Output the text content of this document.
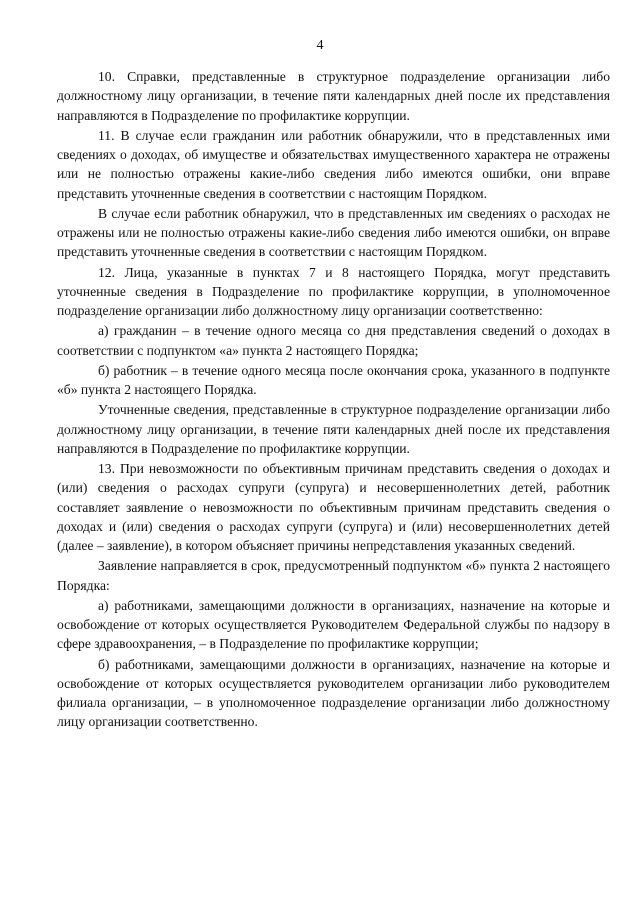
4

10. Справки, представленные в структурное подразделение организации либо должностному лицу организации, в течение пяти календарных дней после их представления направляются в Подразделение по профилактике коррупции.

11. В случае если гражданин или работник обнаружили, что в представленных ими сведениях о доходах, об имуществе и обязательствах имущественного характера не отражены или не полностью отражены какие-либо сведения либо имеются ошибки, они вправе представить уточненные сведения в соответствии с настоящим Порядком.

В случае если работник обнаружил, что в представленных им сведениях о расходах не отражены или не полностью отражены какие-либо сведения либо имеются ошибки, он вправе представить уточненные сведения в соответствии с настоящим Порядком.

12. Лица, указанные в пунктах 7 и 8 настоящего Порядка, могут представить уточненные сведения в Подразделение по профилактике коррупции, в уполномоченное подразделение организации либо должностному лицу организации соответственно:

а) гражданин – в течение одного месяца со дня представления сведений о доходах в соответствии с подпунктом «а» пункта 2 настоящего Порядка;

б) работник – в течение одного месяца после окончания срока, указанного в подпункте «б» пункта 2 настоящего Порядка.

Уточненные сведения, представленные в структурное подразделение организации либо должностному лицу организации, в течение пяти календарных дней после их представления направляются в Подразделение по профилактике коррупции.

13. При невозможности по объективным причинам представить сведения о доходах и (или) сведения о расходах супруги (супруга) и несовершеннолетних детей, работник составляет заявление о невозможности по объективным причинам представить сведения о доходах и (или) сведения о расходах супруги (супруга) и (или) несовершеннолетних детей (далее – заявление), в котором объясняет причины непредставления указанных сведений.

Заявление направляется в срок, предусмотренный подпунктом «б» пункта 2 настоящего Порядка:

а) работниками, замещающими должности в организациях, назначение на которые и освобождение от которых осуществляется Руководителем Федеральной службы по надзору в сфере здравоохранения, – в Подразделение по профилактике коррупции;

б) работниками, замещающими должности в организациях, назначение на которые и освобождение от которых осуществляется руководителем организации либо руководителем филиала организации, – в уполномоченное подразделение организации либо должностному лицу организации соответственно.
